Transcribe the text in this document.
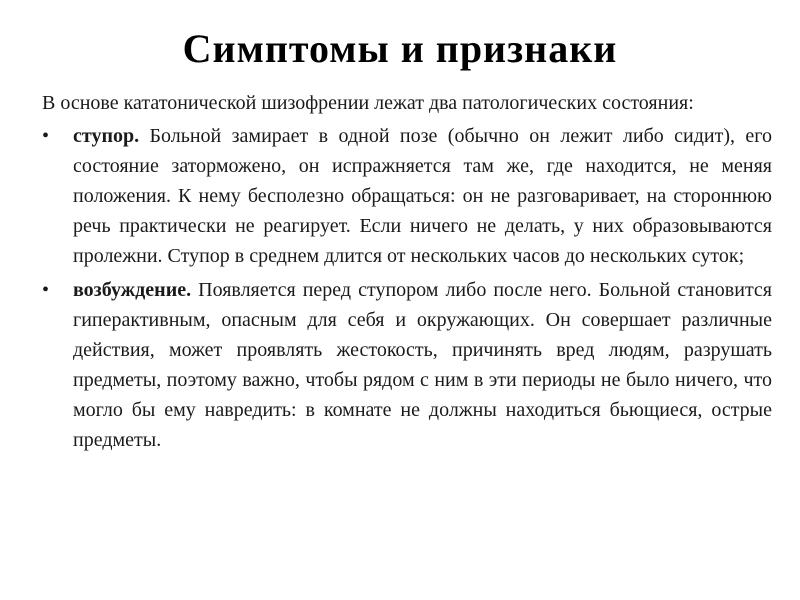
Симптомы и признаки

В основе кататонической шизофрении лежат два патологических состояния:

• ступор. Больной замирает в одной позе (обычно он лежит либо сидит), его состояние заторможено, он испражняется там же, где находится, не меняя положения. К нему бесполезно обращаться: он не разговаривает, на стороннюю речь практически не реагирует. Если ничего не делать, у них образовываются пролежни. Ступор в среднем длится от нескольких часов до нескольких суток;
• возбуждение. Появляется перед ступором либо после него. Больной становится гиперактивным, опасным для себя и окружающих. Он совершает различные действия, может проявлять жестокость, причинять вред людям, разрушать предметы, поэтому важно, чтобы рядом с ним в эти периоды не было ничего, что могло бы ему навредить: в комнате не должны находиться бьющиеся, острые предметы.
